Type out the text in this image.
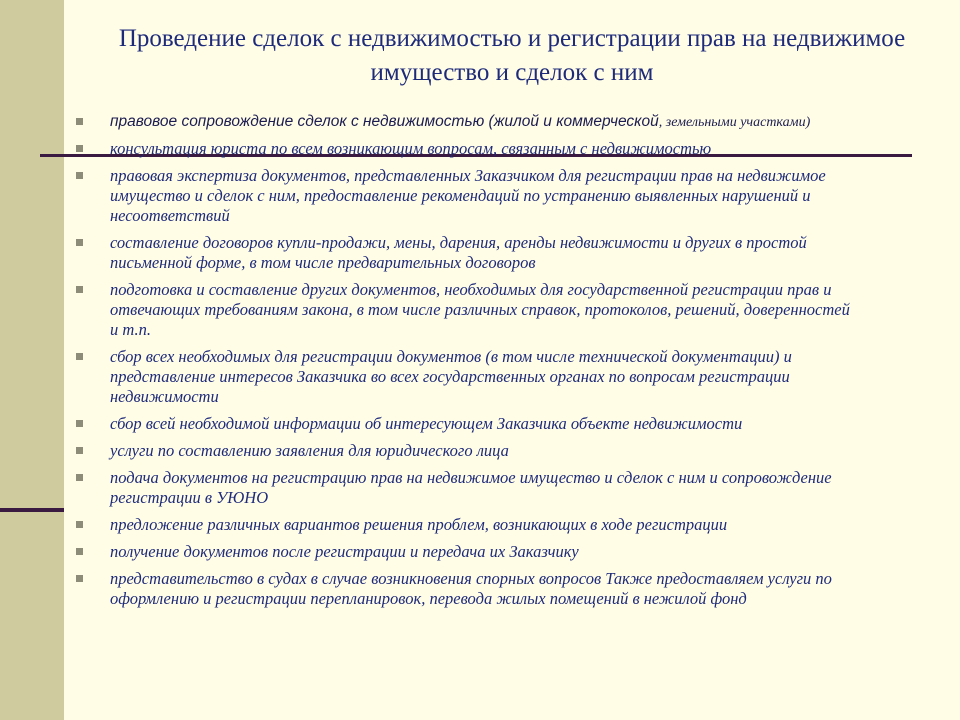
Проведение сделок с недвижимостью и регистрации прав на недвижимое имущество и сделок с ним
правовое сопровождение сделок с недвижимостью (жилой и коммерческой, земельными участками)
консультация юриста по всем возникающим вопросам, связанным с недвижимостью
правовая экспертиза документов, представленных Заказчиком для регистрации прав на недвижимое имущество и сделок с ним, предоставление рекомендаций по устранению выявленных нарушений и несоответствий
составление договоров купли-продажи, мены, дарения, аренды недвижимости и других в простой письменной форме, в том числе предварительных договоров
подготовка и составление других документов, необходимых для государственной регистрации прав и отвечающих требованиям закона, в том числе различных справок, протоколов, решений, доверенностей и т.п.
сбор всех необходимых для регистрации документов (в том числе технической документации) и представление интересов Заказчика во всех государственных органах по вопросам регистрации недвижимости
сбор всей необходимой информации об интересующем Заказчика объекте недвижимости
услуги по составлению заявления для юридического лица
подача документов на регистрацию прав на недвижимое имущество и сделок с ним и сопровождение регистрации в УЮНО
предложение различных вариантов решения проблем, возникающих в ходе регистрации
получение документов после регистрации и передача их Заказчику
представительство в судах в случае возникновения спорных вопросов Также предоставляем услуги по оформлению и регистрации перепланировок, перевода жилых помещений в нежилой фонд
